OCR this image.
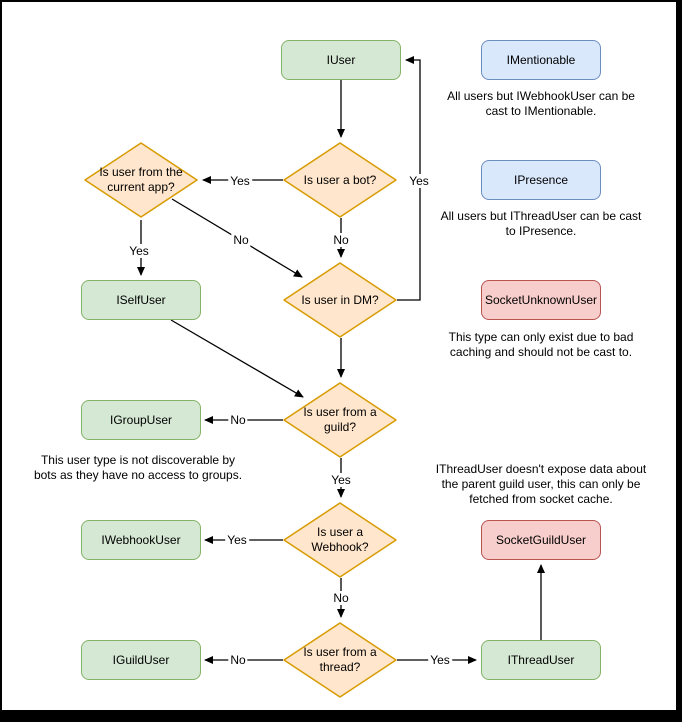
IUser	IMentionable
IPresence
SocketUnknownUser
ISelfUser
IGroupUser
IWebhookUser
IGuildUser
SocketGuildUser
IThreadUser
Is user a bot?
Is user from the current app?
Is user in DM?
Is user from a guild?
Is user a Webhook?
Is user from a thread?
All users but IWebhookUser can be cast to IMentionable.
All users but IThreadUser can be cast to IPresence.
This type can only exist due to bad caching and should not be cast to.
This user type is not discoverable by bots as they have no access to groups.	IThreadUser doesn't expose data about the parent guild user, this can only be fetched from socket cache.
Yes
No
Yes
No
Yes
No
Yes
Yes
No
No	Yes
